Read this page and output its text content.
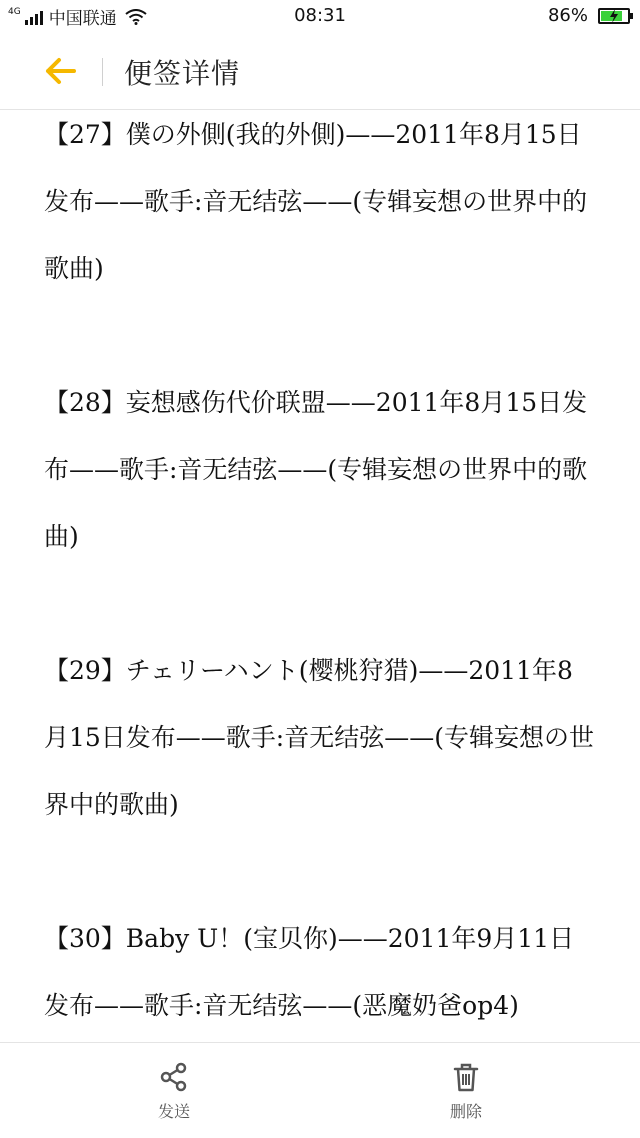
4G 中国联通	08:31	86%
便签详情

【27】僕の外側(我的外側)——2011年8月15日发布——歌手:音无结弦——(专辑妄想の世界中的歌曲)

【28】妄想感伤代价联盟——2011年8月15日发布——歌手:音无结弦——(专辑妄想の世界中的歌曲)

【29】チェリーハント(樱桃狩猎)——2011年8月15日发布——歌手:音无结弦——(专辑妄想の世界中的歌曲)

【30】Baby U！(宝贝你)——2011年9月11日发布——歌手:音无结弦——(恶魔奶爸op4)

发送	删除
